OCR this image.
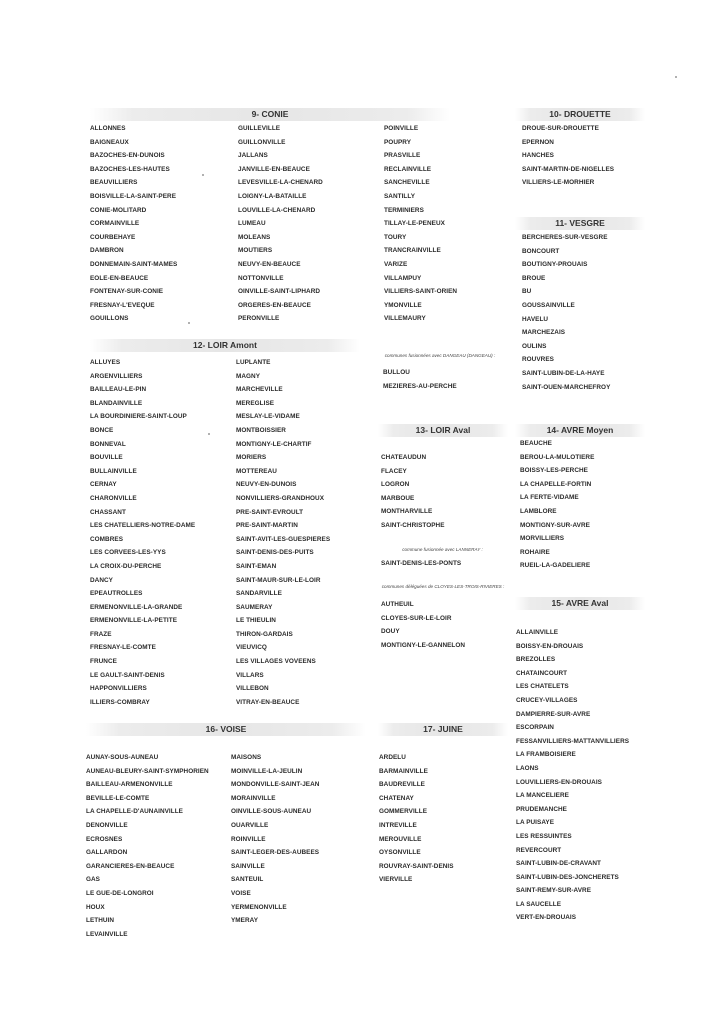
9- CONIE
ALLONNES
BAIGNEAUX
BAZOCHES-EN-DUNOIS
BAZOCHES-LES-HAUTES
BEAUVILLIERS
BOISVILLE-LA-SAINT-PERE
CONIE-MOLITARD
CORMAINVILLE
COURBEHAYE
DAMBRON
DONNEMAIN-SAINT-MAMES
EOLE-EN-BEAUCE
FONTENAY-SUR-CONIE
FRESNAY-L'EVEQUE
GOUILLONS
GUILLEVILLE
GUILLONVILLE
JALLANS
JANVILLE-EN-BEAUCE
LEVESVILLE-LA-CHENARD
LOIGNY-LA-BATAILLE
LOUVILLE-LA-CHENARD
LUMEAU
MOLEANS
MOUTIERS
NEUVY-EN-BEAUCE
NOTTONVILLE
OINVILLE-SAINT-LIPHARD
ORGERES-EN-BEAUCE
PERONVILLE
POINVILLE
POUPRY
PRASVILLE
RECLAINVILLE
SANCHEVILLE
SANTILLY
TERMINIERS
TILLAY-LE-PENEUX
TOURY
TRANCRAINVILLE
VARIZE
VILLAMPUY
VILLIERS-SAINT-ORIEN
YMONVILLE
VILLEMAURY
10- DROUETTE
DROUE-SUR-DROUETTE
EPERNON
HANCHES
SAINT-MARTIN-DE-NIGELLES
VILLIERS-LE-MORHIER
11- VESGRE
BERCHERES-SUR-VESGRE
BONCOURT
BOUTIGNY-PROUAIS
BROUE
BU
GOUSSAINVILLE
HAVELU
MARCHEZAIS
OULINS
ROUVRES
SAINT-LUBIN-DE-LA-HAYE
SAINT-OUEN-MARCHEFROY
12- LOIR Amont
ALLUYES
ARGENVILLIERS
BAILLEAU-LE-PIN
BLANDAINVILLE
LA BOURDINIERE-SAINT-LOUP
BONCE
BONNEVAL
BOUVILLE
BULLAINVILLE
CERNAY
CHARONVILLE
CHASSANT
LES CHATELLIERS-NOTRE-DAME
COMBRES
LES CORVEES-LES-YYS
LA CROIX-DU-PERCHE
DANCY
EPEAUTROLLES
ERMENONVILLE-LA-GRANDE
ERMENONVILLE-LA-PETITE
FRAZE
FRESNAY-LE-COMTE
FRUNCE
LE GAULT-SAINT-DENIS
HAPPONVILLIERS
ILLIERS-COMBRAY
LUPLANTE
MAGNY
MARCHEVILLE
MEREGLISE
MESLAY-LE-VIDAME
MONTBOISSIER
MONTIGNY-LE-CHARTIF
MORIERS
MOTTEREAU
NEUVY-EN-DUNOIS
NONVILLIERS-GRANDHOUX
PRE-SAINT-EVROULT
PRE-SAINT-MARTIN
SAINT-AVIT-LES-GUESPIERES
SAINT-DENIS-DES-PUITS
SAINT-EMAN
SAINT-MAUR-SUR-LE-LOIR
SANDARVILLE
SAUMERAY
LE THIEULIN
THIRON-GARDAIS
VIEUVICQ
LES VILLAGES VOVEENS
VILLARS
VILLEBON
VITRAY-EN-BEAUCE
communes fusionnées avec DANGEAU (DANGEAU) :
BULLOU
MEZIERES-AU-PERCHE
13- LOIR Aval
CHATEAUDUN
FLACEY
LOGRON
MARBOUE
MONTHARVILLE
SAINT-CHRISTOPHE
commune fusionnée avec LANNERAY :
SAINT-DENIS-LES-PONTS
communes déléguées de CLOYES-LES-TROIS-RIVIERES :
AUTHEUIL
CLOYES-SUR-LE-LOIR
DOUY
MONTIGNY-LE-GANNELON
14- AVRE Moyen
BEAUCHE
BEROU-LA-MULOTIERE
BOISSY-LES-PERCHE
LA CHAPELLE-FORTIN
LA FERTE-VIDAME
LAMBLORE
MONTIGNY-SUR-AVRE
MORVILLIERS
ROHAIRE
RUEIL-LA-GADELIERE
15- AVRE Aval
ALLAINVILLE
BOISSY-EN-DROUAIS
BREZOLLES
CHATAINCOURT
LES CHATELETS
CRUCEY-VILLAGES
DAMPIERRE-SUR-AVRE
ESCORPAIN
FESSANVILLIERS-MATTANVILLIERS
LA FRAMBOISIERE
LAONS
LOUVILLIERS-EN-DROUAIS
LA MANCELIERE
PRUDEMANCHE
LA PUISAYE
LES RESSUINTES
REVERCOURT
SAINT-LUBIN-DE-CRAVANT
SAINT-LUBIN-DES-JONCHERETS
SAINT-REMY-SUR-AVRE
LA SAUCELLE
VERT-EN-DROUAIS
16- VOISE
AUNAY-SOUS-AUNEAU
AUNEAU-BLEURY-SAINT-SYMPHORIEN
BAILLEAU-ARMENONVILLE
BEVILLE-LE-COMTE
LA CHAPELLE-D'AUNAINVILLE
DENONVILLE
ECROSNES
GALLARDON
GARANCIERES-EN-BEAUCE
GAS
LE GUE-DE-LONGROI
HOUX
LETHUIN
LEVAINVILLE
MAISONS
MOINVILLE-LA-JEULIN
MONDONVILLE-SAINT-JEAN
MORAINVILLE
OINVILLE-SOUS-AUNEAU
OUARVILLE
ROINVILLE
SAINT-LEGER-DES-AUBEES
SAINVILLE
SANTEUIL
VOISE
YERMENONVILLE
YMERAY
17- JUINE
ARDELU
BARMAINVILLE
BAUDREVILLE
CHATENAY
GOMMERVILLE
INTREVILLE
MEROUVILLE
OYSONVILLE
ROUVRAY-SAINT-DENIS
VIERVILLE
